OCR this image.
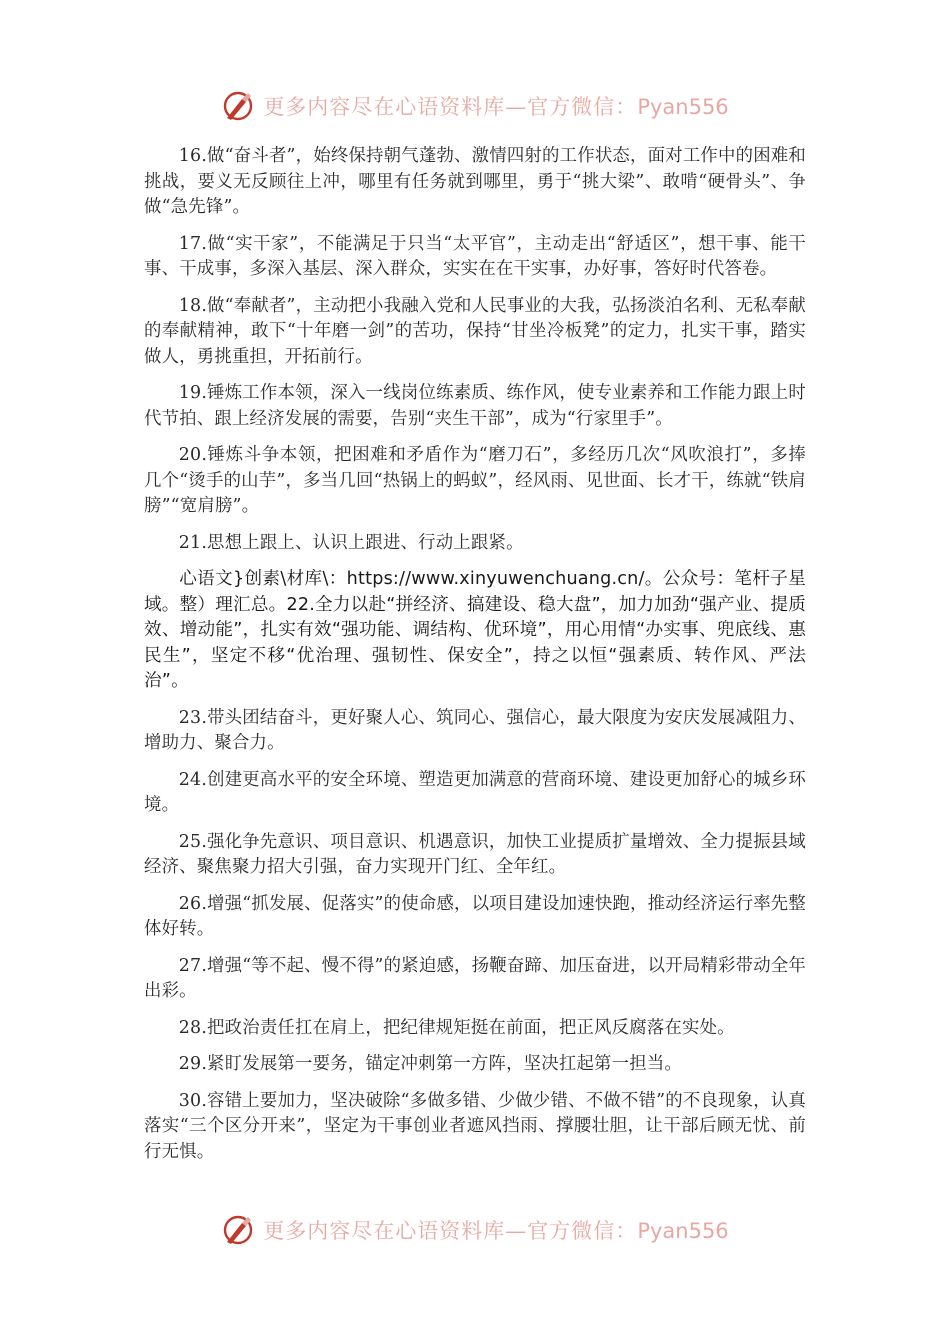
更多内容尽在心语资料库—官方微信：Pyan556

16.做“奋斗者”，始终保持朝气蓬勃、激情四射的工作状态，面对工作中的困难和挑战，要义无反顾往上冲，哪里有任务就到哪里，勇于“挑大梁”、敢啃“硬骨头”、争做“急先锋”。

17.做“实干家”，不能满足于只当“太平官”，主动走出“舒适区”，想干事、能干事、干成事，多深入基层、深入群众，实实在在干实事，办好事，答好时代答卷。

18.做“奉献者”，主动把小我融入党和人民事业的大我，弘扬淡泊名利、无私奉献的奉献精神，敢下“十年磨一剑”的苦功，保持“甘坐冷板凳”的定力，扎实干事，踏实做人，勇挑重担，开拓前行。

19.锤炼工作本领，深入一线岗位练素质、练作风，使专业素养和工作能力跟上时代节拍、跟上经济发展的需要，告别“夹生干部”，成为“行家里手”。

20.锤炼斗争本领，把困难和矛盾作为“磨刀石”，多经历几次“风吹浪打”，多捧几个“烫手的山芋”，多当几回“热锅上的蚂蚁”，经风雨、见世面、长才干，练就“铁肩膀”“宽肩膀”。

21.思想上跟上、认识上跟进、行动上跟紧。

心语文}创素\材库\：https://www.xinyuwenchuang.cn/。公众号：笔杆子星域。整）理汇总。22.全力以赴“拼经济、搞建设、稳大盘”，加力加劲“强产业、提质效、增动能”，扎实有效“强功能、调结构、优环境”，用心用情“办实事、兜底线、惠民生”，坚定不移“优治理、强韧性、保安全”，持之以恒“强素质、转作风、严法治”。

23.带头团结奋斗，更好聚人心、筑同心、强信心，最大限度为安庆发展减阻力、增助力、聚合力。

24.创建更高水平的安全环境、塑造更加满意的营商环境、建设更加舒心的城乡环境。

25.强化争先意识、项目意识、机遇意识，加快工业提质扩量增效、全力提振县域经济、聚焦聚力招大引强，奋力实现开门红、全年红。

26.增强“抓发展、促落实”的使命感，以项目建设加速快跑，推动经济运行率先整体好转。

27.增强“等不起、慢不得”的紧迫感，扬鞭奋蹄、加压奋进，以开局精彩带动全年出彩。

28.把政治责任扛在肩上，把纪律规矩挺在前面，把正风反腐落在实处。

29.紧盯发展第一要务，锚定冲刺第一方阵，坚决扛起第一担当。

30.容错上要加力，坚决破除“多做多错、少做少错、不做不错”的不良现象，认真落实“三个区分开来”，坚定为干事创业者遮风挡雨、撑腰壮胆，让干部后顾无忧、前行无惧。

更多内容尽在心语资料库—官方微信：Pyan556
